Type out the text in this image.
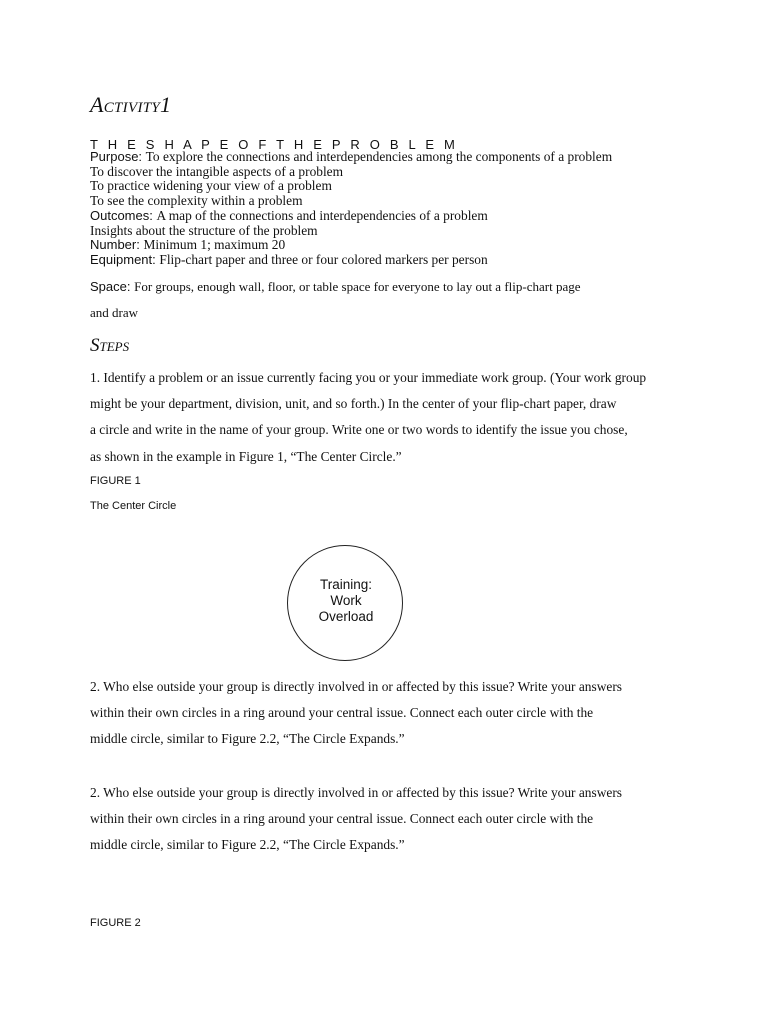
Activity1
T H E S H A P E O F T H E P R O B L E M
Purpose: To explore the connections and interdependencies among the components of a problem
To discover the intangible aspects of a problem
To practice widening your view of a problem
To see the complexity within a problem
Outcomes: A map of the connections and interdependencies of a problem
Insights about the structure of the problem
Number: Minimum 1; maximum 20
Equipment: Flip-chart paper and three or four colored markers per person
Space: For groups, enough wall, floor, or table space for everyone to lay out a flip-chart page
and draw
Steps
1. Identify a problem or an issue currently facing you or your immediate work group. (Your work group
might be your department, division, unit, and so forth.) In the center of your flip-chart paper, draw
a circle and write in the name of your group. Write one or two words to identify the issue you chose,
as shown in the example in Figure 1, “The Center Circle.”
FIGURE 1
The Center Circle
Training:
Work
Overload
2. Who else outside your group is directly involved in or affected by this issue? Write your answers
within their own circles in a ring around your central issue. Connect each outer circle with the
middle circle, similar to Figure 2.2, “The Circle Expands.”
2. Who else outside your group is directly involved in or affected by this issue? Write your answers
within their own circles in a ring around your central issue. Connect each outer circle with the
middle circle, similar to Figure 2.2, “The Circle Expands.”
FIGURE 2
